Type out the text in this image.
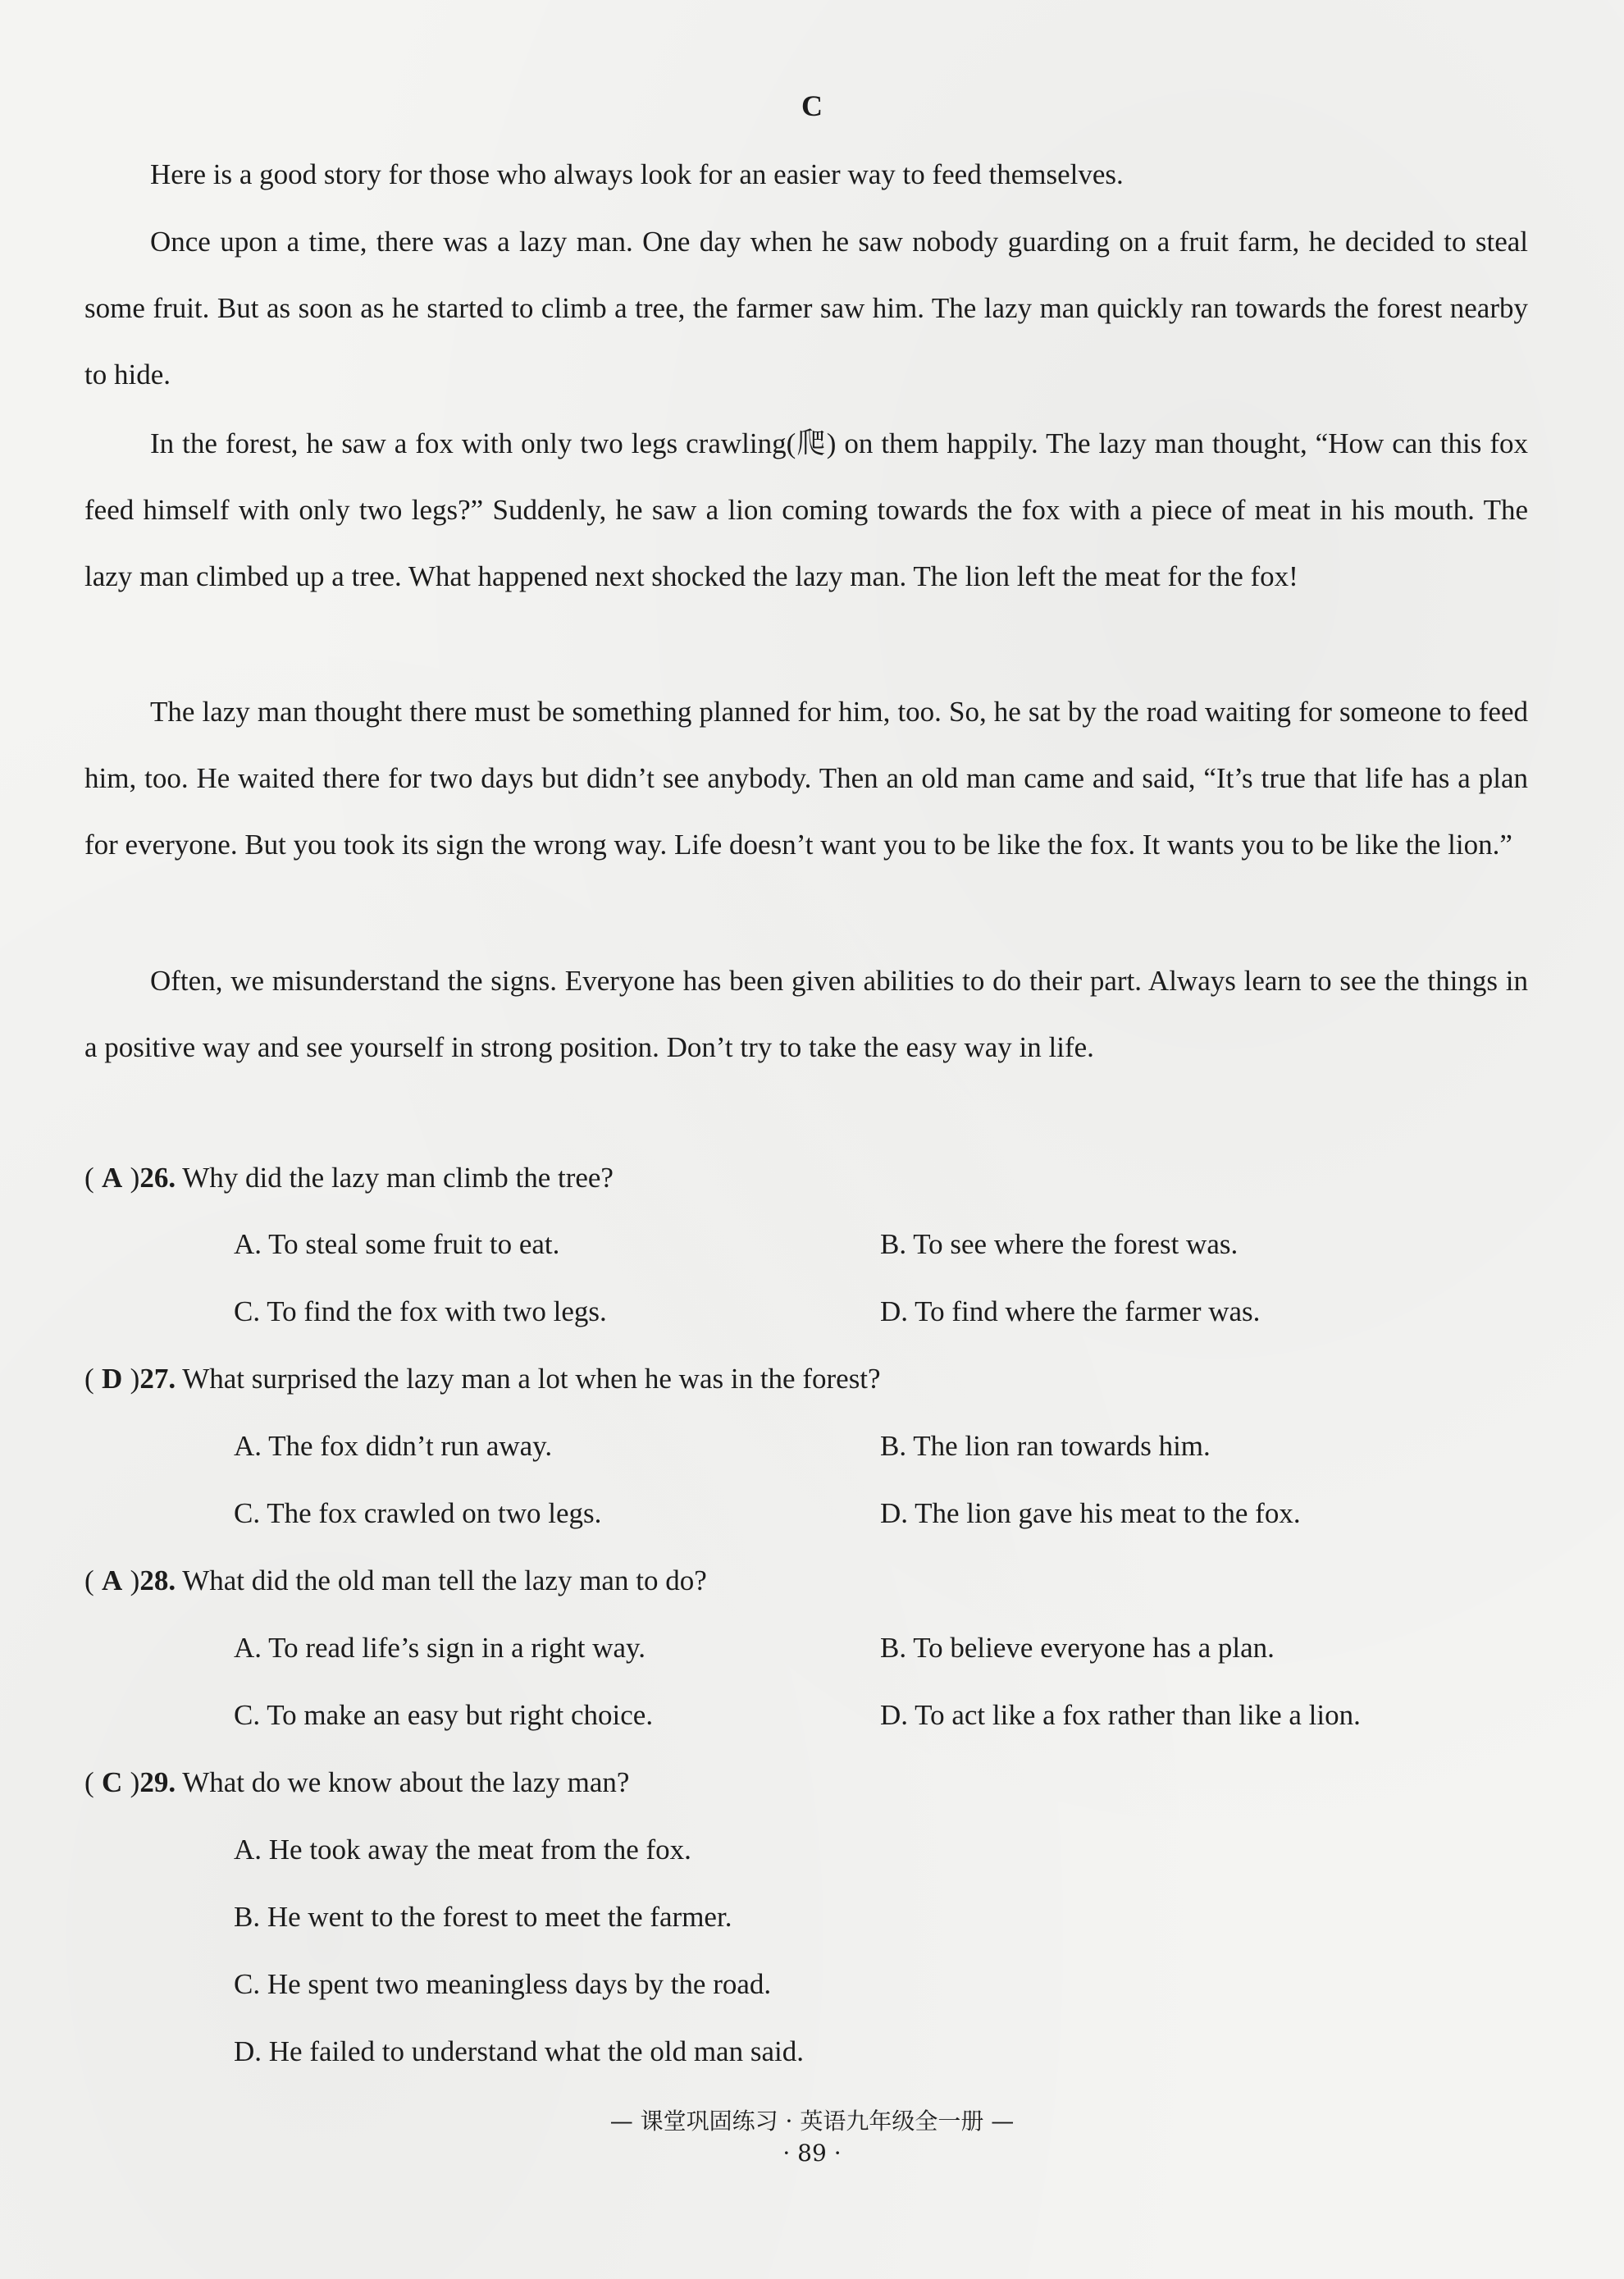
C

Here is a good story for those who always look for an easier way to feed themselves.

Once upon a time, there was a lazy man. One day when he saw nobody guarding on a fruit farm, he decided to steal some fruit. But as soon as he started to climb a tree, the farmer saw him. The lazy man quickly ran towards the forest nearby to hide.

In the forest, he saw a fox with only two legs crawling(爬) on them happily. The lazy man thought, “How can this fox feed himself with only two legs?” Suddenly, he saw a lion coming towards the fox with a piece of meat in his mouth. The lazy man climbed up a tree. What happened next shocked the lazy man. The lion left the meat for the fox!

The lazy man thought there must be something planned for him, too. So, he sat by the road waiting for someone to feed him, too. He waited there for two days but didn’t see anybody. Then an old man came and said, “It’s true that life has a plan for everyone. But you took its sign the wrong way. Life doesn’t want you to be like the fox. It wants you to be like the lion.”

Often, we misunderstand the signs. Everyone has been given abilities to do their part. Always learn to see the things in a positive way and see yourself in strong position. Don’t try to take the easy way in life.

( A )26. Why did the lazy man climb the tree?
A. To steal some fruit to eat.	B. To see where the forest was.
C. To find the fox with two legs.	D. To find where the farmer was.
( D )27. What surprised the lazy man a lot when he was in the forest?
A. The fox didn’t run away.	B. The lion ran towards him.
C. The fox crawled on two legs.	D. The lion gave his meat to the fox.
( A )28. What did the old man tell the lazy man to do?
A. To read life’s sign in a right way.	B. To believe everyone has a plan.
C. To make an easy but right choice.	D. To act like a fox rather than like a lion.
( C )29. What do we know about the lazy man?
A. He took away the meat from the fox.
B. He went to the forest to meet the farmer.
C. He spent two meaningless days by the road.
D. He failed to understand what the old man said.
— 课堂巩固练习 · 英语九年级全一册 —
· 89 ·
